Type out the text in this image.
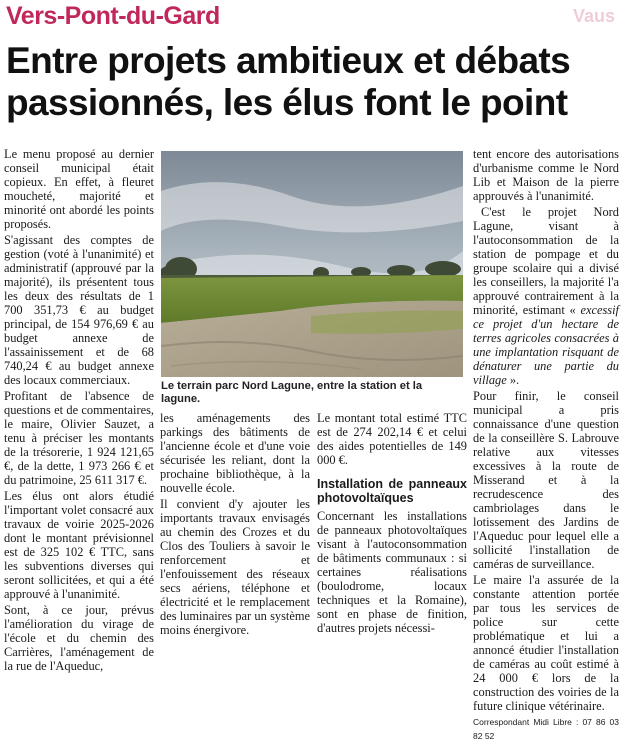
Vers-Pont-du-Gard	Vaus
Entre projets ambitieux et débats passionnés, les élus font le point

Le menu proposé au dernier conseil municipal était copieux. En effet, à fleuret moucheté, majorité et minorité ont abordé les points proposés.

S'agissant des comptes de gestion (voté à l'unanimité) et administratif (approuvé par la majorité), ils présentent tous les deux des résultats de 1 700 351,73 € au budget principal, de 154 976,69 € au budget annexe de l'assainissement et de 68 740,24 € au budget annexe des locaux commerciaux.

Profitant de l'absence de questions et de commentaires, le maire, Olivier Sauzet, a tenu à préciser les montants de la trésorerie, 1 924 121,65 €, de la dette, 1 973 266 € et du patrimoine, 25 611 317 €.

Les élus ont alors étudié l'important volet consacré aux travaux de voirie 2025-2026 dont le montant prévisionnel est de 325 102 € TTC, sans les subventions diverses qui seront sollicitées, et qui a été approuvé à l'unanimité.

Sont, à ce jour, prévus l'amélioration du virage de l'école et du chemin des Carrières, l'aménagement de la rue de l'Aqueduc,

Le terrain parc Nord Lagune, entre la station et la lagune.

les aménagements des parkings des bâtiments de l'ancienne école et d'une voie sécurisée les reliant, dont la prochaine bibliothèque, à la nouvelle école.

Il convient d'y ajouter les importants travaux envisagés au chemin des Crozes et du Clos des Touliers à savoir le renforcement et l'enfouissement des réseaux secs aériens, téléphone et électricité et le remplacement des luminaires par un système moins énergivore.

Le montant total estimé TTC est de 274 202,14 € et celui des aides potentielles de 149 000 €.

Installation de panneaux photovoltaïques

Concernant les installations de panneaux photovoltaïques visant à l'autoconsommation de bâtiments communaux : si certaines réalisations (boulodrome, locaux techniques et la Romaine), sont en phase de finition, d'autres projets nécessi-

tent encore des autorisations d'urbanisme comme le Nord Lib et Maison de la pierre approuvés à l'unanimité.

C'est le projet Nord Lagune, visant à l'autoconsommation de la station de pompage et du groupe scolaire qui a divisé les conseillers, la majorité l'a approuvé contrairement à la minorité, estimant « excessif ce projet d'un hectare de terres agricoles consacrées à une implantation risquant de dénaturer une partie du village ».

Pour finir, le conseil municipal a pris connaissance d'une question de la conseillère S. Labrouve relative aux vitesses excessives à la route de Misserand et à la recrudescence des cambriolages dans le lotissement des Jardins de l'Aqueduc pour lequel elle a sollicité l'installation de caméras de surveillance.

Le maire l'a assurée de la constante attention portée par tous les services de police sur cette problématique et lui a annoncé étudier l'installation de caméras au coût estimé à 24 000 € lors de la construction des voiries de la future clinique vétérinaire.

Correspondant Midi Libre : 07 86 03 82 52
